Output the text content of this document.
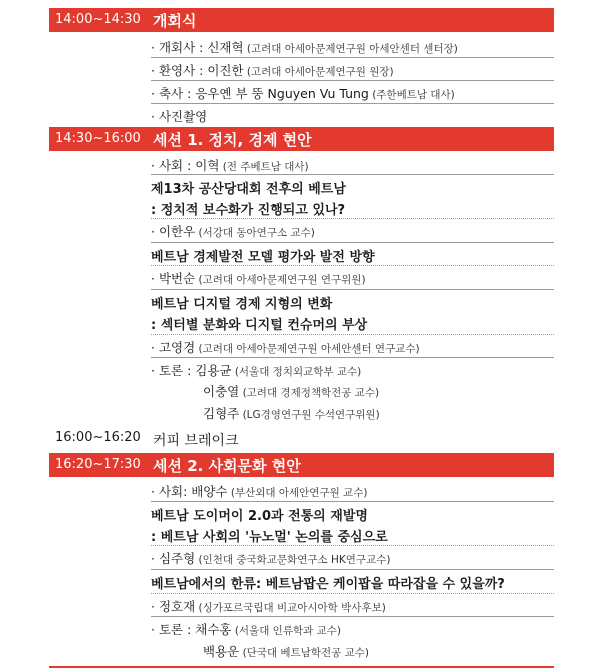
14:00~14:30 개회식
· 개회사 : 신재혁 (고려대 아세아문제연구원 아세안센터 센터장)
· 환영사 : 이진한 (고려대 아세아문제연구원 원장)
· 축사 : 응우옌 부 뚱 Nguyen Vu Tung (주한베트남 대사)
· 사진촬영
14:30~16:00 세션 1. 정치, 경제 현안
· 사회 : 이혁 (전 주베트남 대사)
제13차 공산당대회 전후의 베트남
: 정치적 보수화가 진행되고 있나?
· 이한우 (서강대 동아연구소 교수)
베트남 경제발전 모델 평가와 발전 방향
· 박번순 (고려대 아세아문제연구원 연구위원)
베트남 디지털 경제 지형의 변화
: 섹터별 분화와 디지털 컨슈머의 부상
· 고영경 (고려대 아세아문제연구원 아세안센터 연구교수)
· 토론 : 김용균 (서울대 정치외교학부 교수)
이충열 (고려대 경제정책학전공 교수)
김형주 (LG경영연구원 수석연구위원)
16:00~16:20 커피 브레이크
16:20~17:30 세션 2. 사회문화 현안
· 사회: 배양수 (부산외대 아세안연구원 교수)
베트남 도이머이 2.0과 전통의 재발명
: 베트남 사회의 '뉴노멀' 논의를 중심으로
· 심주형 (인천대 중국화교문화연구소 HK연구교수)
베트남에서의 한류: 베트남팝은 케이팝을 따라잡을 수 있을까?
· 정호재 (싱가포르국립대 비교아시아학 박사후보)
· 토론 : 채수홍 (서울대 인류학과 교수)
백용운 (단국대 베트남학전공 교수)
